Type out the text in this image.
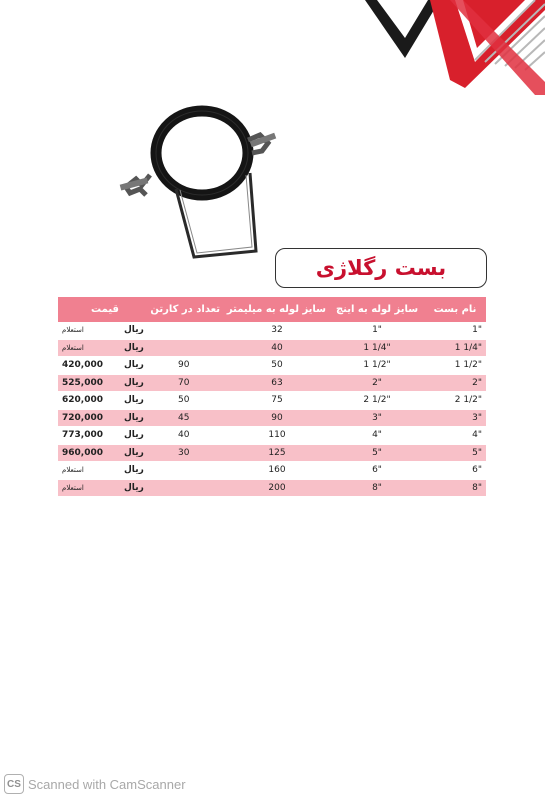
بست رگلاژی
قیمت		تعداد در کارتن	سایز لوله به میلیمتر	سایز لوله به اینچ	نام بست
استعلام	ریال		32	1"	1"
استعلام	ریال		40	1 1/4"	1 1/4"
420,000	ریال	90	50	1 1/2"	1 1/2"
525,000	ریال	70	63	2"	2"
620,000	ریال	50	75	2 1/2"	2 1/2"
720,000	ریال	45	90	3"	3"
773,000	ریال	40	110	4"	4"
960,000	ریال	30	125	5"	5"
استعلام	ریال		160	6"	6"
استعلام	ریال		200	8"	8"
CS Scanned with CamScanner
